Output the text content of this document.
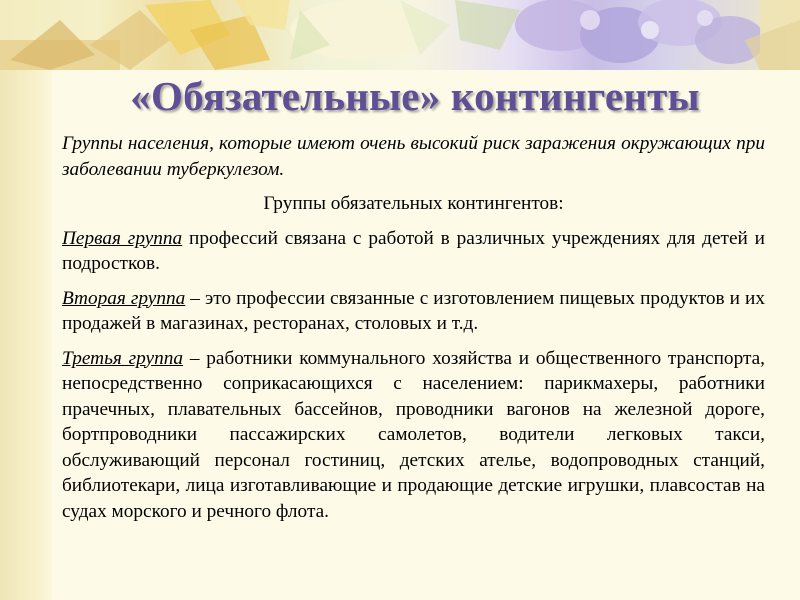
«Обязательные» контингенты

Группы населения, которые имеют очень высокий риск заражения окружающих при заболевании туберкулезом.

Группы обязательных контингентов:

Первая группа профессий связана с работой в различных учреждениях для детей и подростков.

Вторая группа – это профессии связанные с изготовлением пищевых продуктов и их продажей в магазинах, ресторанах, столовых и т.д.

Третья группа – работники коммунального хозяйства и общественного транспорта, непосредственно соприкасающихся с населением: парикмахеры, работники прачечных, плавательных бассейнов, проводники вагонов на железной дороге, бортпроводники пассажирских самолетов, водители легковых такси, обслуживающий персонал гостиниц, детских ателье, водопроводных станций, библиотекари, лица изготавливающие и продающие детские игрушки, плавсостав на судах морского и речного флота.
